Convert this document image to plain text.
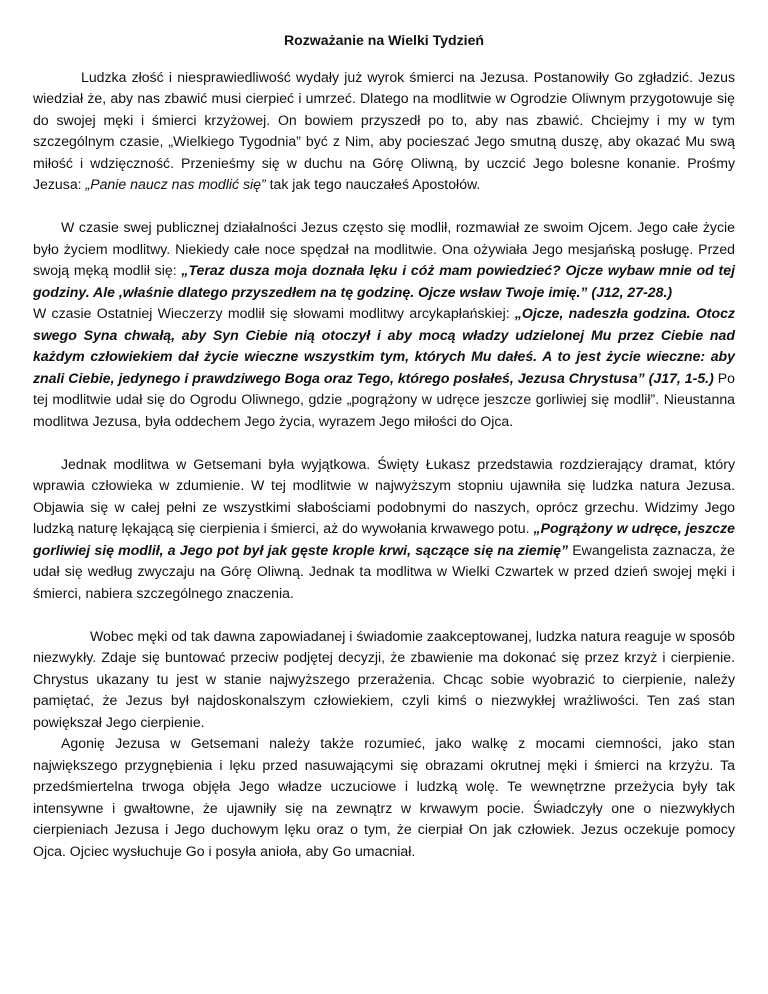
Rozważanie na Wielki Tydzień

Ludzka złość i niesprawiedliwość wydały już wyrok śmierci na Jezusa. Postanowiły Go zgładzić. Jezus wiedział że, aby nas zbawić musi cierpieć i umrzeć. Dlatego na modlitwie w Ogrodzie Oliwnym przygotowuje się do swojej męki i śmierci krzyżowej. On bowiem przyszedł po to, aby nas zbawić. Chciejmy i my w tym szczególnym czasie, „Wielkiego Tygodnia” być z Nim, aby pocieszać Jego smutną duszę, aby okazać Mu swą miłość i wdzięczność. Przenieśmy się w duchu na Górę Oliwną, by uczcić Jego bolesne konanie. Prośmy Jezusa: „Panie naucz nas modlić się” tak jak tego nauczałeś Apostołów.

W czasie swej publicznej działalności Jezus często się modlił, rozmawiał ze swoim Ojcem. Jego całe życie było życiem modlitwy. Niekiedy całe noce spędzał na modlitwie. Ona ożywiała Jego mesjańską posługę. Przed swoją męką modlił się: „Teraz dusza moja doznała lęku i cóż mam powiedzieć? Ojcze wybaw mnie od tej godziny. Ale ,właśnie dlatego przyszedłem na tę godzinę. Ojcze wsław Twoje imię.” (J12, 27-28.)

W czasie Ostatniej Wieczerzy modlił się słowami modlitwy arcykapłańskiej: „Ojcze, nadeszła godzina. Otocz swego Syna chwałą, aby Syn Ciebie nią otoczył i aby mocą władzy udzielonej Mu przez Ciebie nad każdym człowiekiem dał życie wieczne wszystkim tym, których Mu dałeś. A to jest życie wieczne: aby znali Ciebie, jedynego i prawdziwego Boga oraz Tego, którego posłałeś, Jezusa Chrystusa” (J17, 1-5.) Po tej modlitwie udał się do Ogrodu Oliwnego, gdzie „pogrążony w udręce jeszcze gorliwiej się modlił”. Nieustanna modlitwa Jezusa, była oddechem Jego życia, wyrazem Jego miłości do Ojca.

Jednak modlitwa w Getsemani była wyjątkowa. Święty Łukasz przedstawia rozdzierający dramat, który wprawia człowieka w zdumienie. W tej modlitwie w najwyższym stopniu ujawniła się ludzka natura Jezusa. Objawia się w całej pełni ze wszystkimi słabościami podobnymi do naszych, oprócz grzechu. Widzimy Jego ludzką naturę lękającą się cierpienia i śmierci, aż do wywołania krwawego potu. „Pogrążony w udręce, jeszcze gorliwiej się modlił, a Jego pot był jak gęste krople krwi, sączące się na ziemię” Ewangelista zaznacza, że udał się według zwyczaju na Górę Oliwną. Jednak ta modlitwa w Wielki Czwartek w przed dzień swojej męki i śmierci, nabiera szczególnego znaczenia.

Wobec męki od tak dawna zapowiadanej i świadomie zaakceptowanej, ludzka natura reaguje w sposób niezwykły. Zdaje się buntować przeciw podjętej decyzji, że zbawienie ma dokonać się przez krzyż i cierpienie. Chrystus ukazany tu jest w stanie najwyższego przerażenia. Chcąc sobie wyobrazić to cierpienie, należy pamiętać, że Jezus był najdoskonalszym człowiekiem, czyli kimś o niezwykłej wrażliwości. Ten zaś stan powiększał Jego cierpienie.

Agonię Jezusa w Getsemani należy także rozumieć, jako walkę z mocami ciemności, jako stan największego przygnębienia i lęku przed nasuwającymi się obrazami okrutnej męki i śmierci na krzyżu. Ta przedśmiertelna trwoga objęła Jego władze uczuciowe i ludzką wolę. Te wewnętrzne przeżycia były tak intensywne i gwałtowne, że ujawniły się na zewnątrz w krwawym pocie. Świadczyły one o niezwykłych cierpieniach Jezusa i Jego duchowym lęku oraz o tym, że cierpiał On jak człowiek. Jezus oczekuje pomocy Ojca. Ojciec wysłuchuje Go i posyła anioła, aby Go umacniał.
